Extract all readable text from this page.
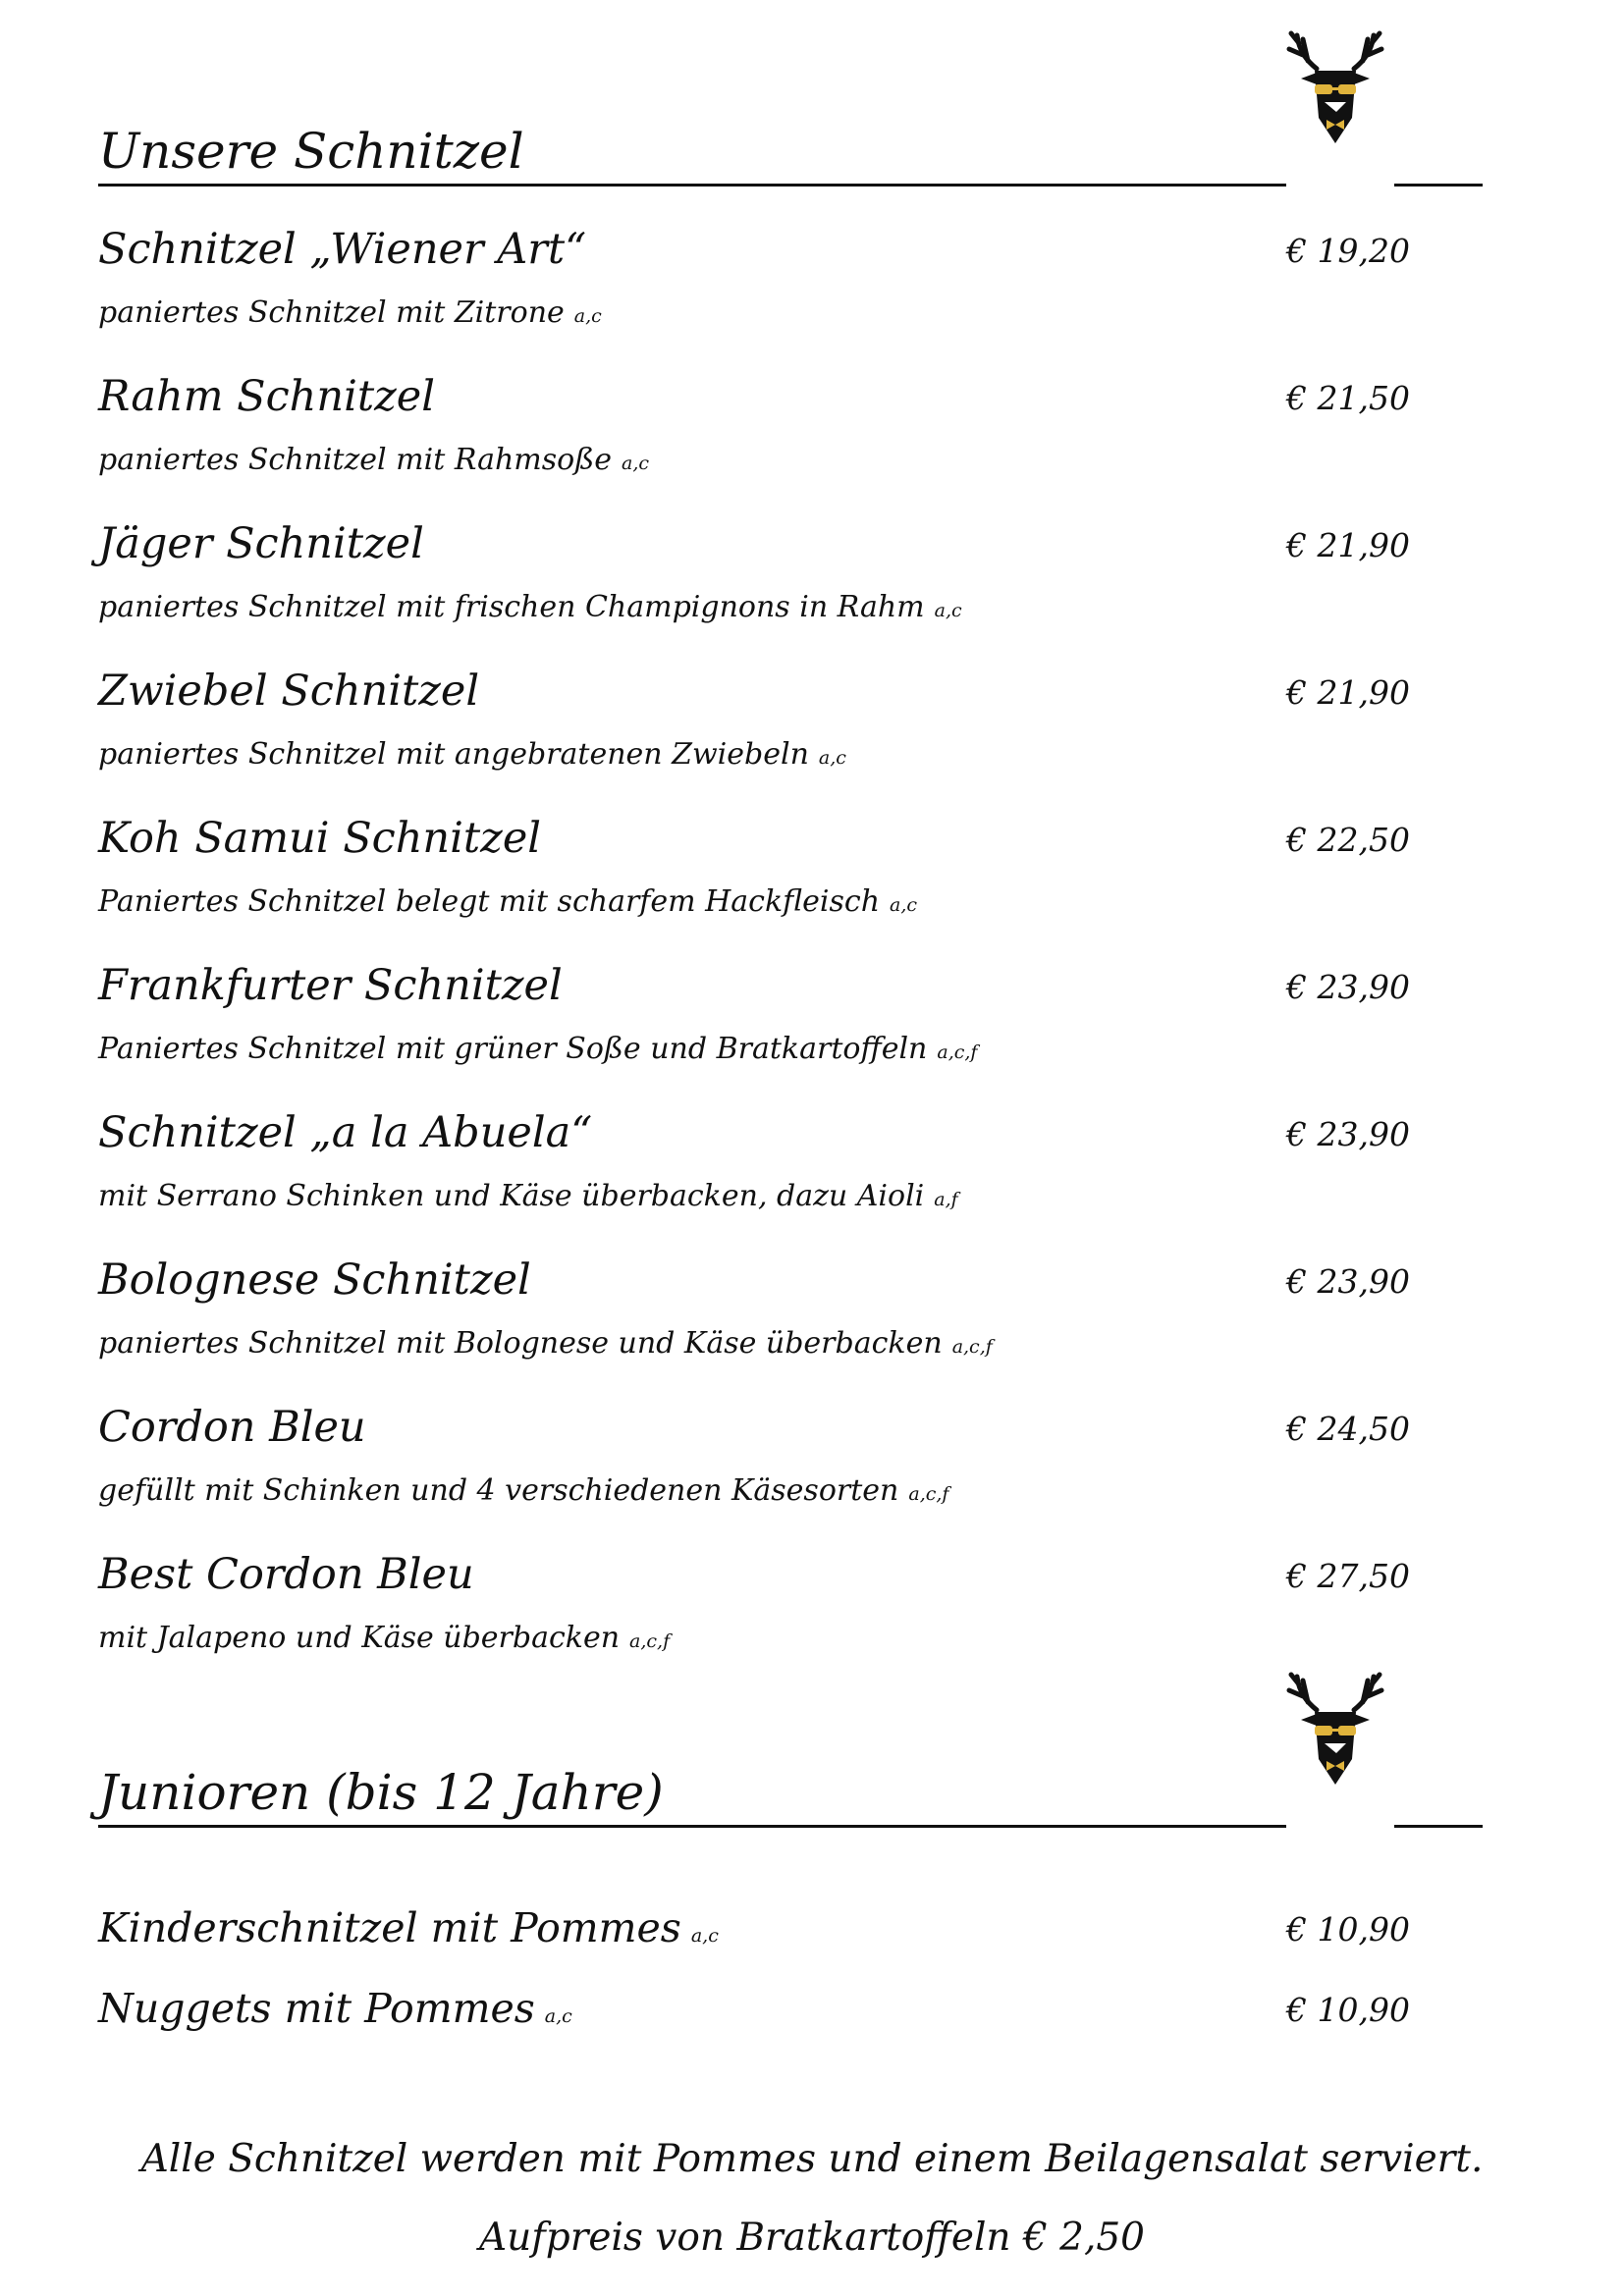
Unsere Schnitzel
Schnitzel „Wiener Art“	€ 19,20
paniertes Schnitzel mit Zitrone a,c
Rahm Schnitzel	€ 21,50
paniertes Schnitzel mit Rahmsoße a,c
Jäger Schnitzel	€ 21,90
paniertes Schnitzel mit frischen Champignons in Rahm a,c
Zwiebel Schnitzel	€ 21,90
paniertes Schnitzel mit angebratenen Zwiebeln a,c
Koh Samui Schnitzel	€ 22,50
Paniertes Schnitzel belegt mit scharfem Hackfleisch a,c
Frankfurter Schnitzel	€ 23,90
Paniertes Schnitzel mit grüner Soße und Bratkartoffeln a,c,f
Schnitzel „a la Abuela“	€ 23,90
mit Serrano Schinken und Käse überbacken, dazu Aioli a,f
Bolognese Schnitzel	€ 23,90
paniertes Schnitzel mit Bolognese und Käse überbacken a,c,f
Cordon Bleu	€ 24,50
gefüllt mit Schinken und 4 verschiedenen Käsesorten a,c,f
Best Cordon Bleu	€ 27,50
mit Jalapeno und Käse überbacken a,c,f
Junioren (bis 12 Jahre)
Kinderschnitzel mit Pommes a,c	€ 10,90
Nuggets mit Pommes a,c	€ 10,90
Alle Schnitzel werden mit Pommes und einem Beilagensalat serviert.
Aufpreis von Bratkartoffeln € 2,50
